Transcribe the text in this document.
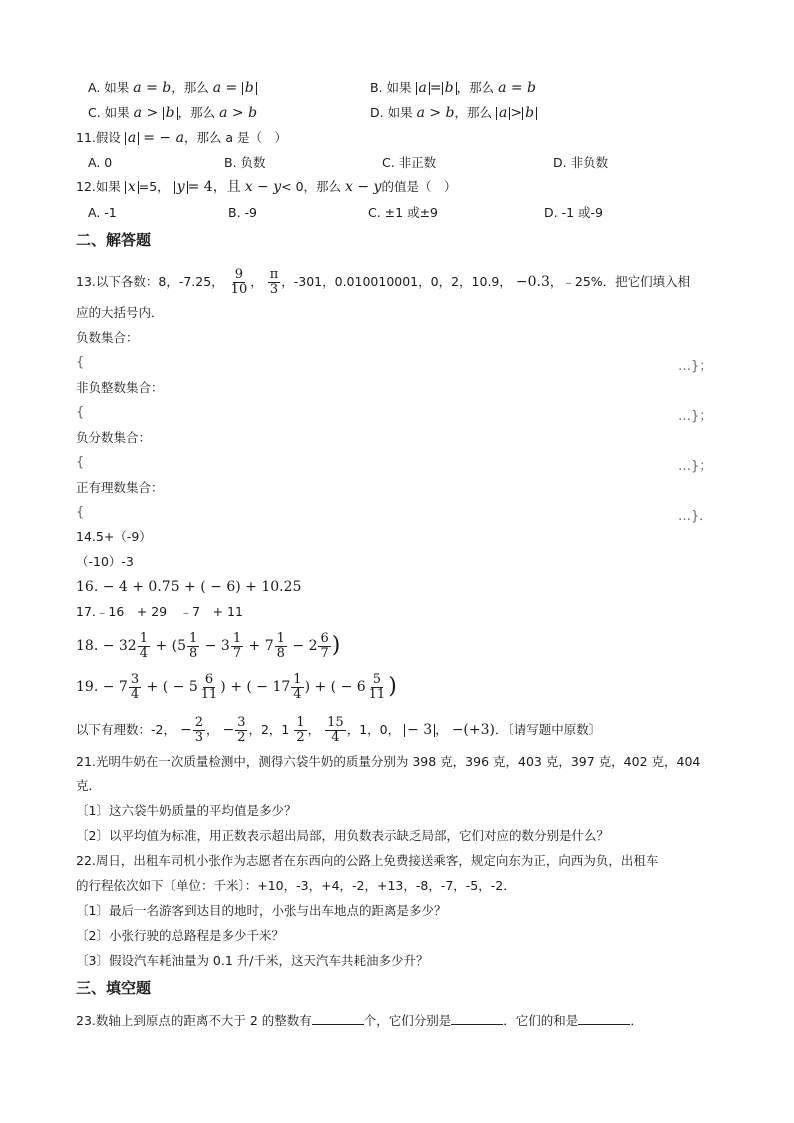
A. 如果 a = b，那么 a = b	B. 如果 a = b ，那么 a = b
C. 如果 a > b ，那么 a > b	D. 如果 a > b，那么 a > b
11.假设 a = − a，那么 a 是（　）
A. 0	B. 负数	C. 非正数	D. 非负数
12.如果 x =5， y = 4，且 x − y< 0，那么 x − y的值是（　）
A. -1	B. -9	C. ±1 或±9	D. -1 或-9
二、解答题
13.以下各数：8，-7.25， $\frac{9}{10}$ ， $\frac{\pi}{3}$ ，-301，0.010010001，0，2，10.9， −0.3，﹣25%．把它们填入相
应的大括号内．
负数集合：
{	…}；
非负整数集合：
{	…}；
负分数集合：
{	…}；
正有理数集合：
{	…}．
14.5+（-9）
（-10）-3
16. − 4 + 0.75 + ( − 6) + 10.25
17.﹣16　+ 29　﹣7　+ 11
18. − $32 \frac{1}{4} + (5 \frac{1}{8} - 3 \frac{1}{7} + 7 \frac{1}{8} - 2 \frac{6}{7}$ )
19. − $7 \frac{3}{4}$ + ( − $5 \frac{6}{11}$ ) + ( − $17 \frac{1}{4}$ ) + ( − $6 \frac{5}{11}$ )
以下有理数：-2， − $\frac{2}{3}$ ， − $\frac{3}{2}$ ，2，$1 \frac{1}{2}$ ， $\frac{15}{4}$ ，1，0， − 3 ， −(+3)．〔请写题中原数〕
21.光明牛奶在一次质量检测中，测得六袋牛奶的质量分别为 398 克，396 克，403 克，397 克，402 克，404
克．
〔1〕这六袋牛奶质量的平均值是多少？
〔2〕以平均值为标准，用正数表示超出局部，用负数表示缺乏局部，它们对应的数分别是什么？
22.周日，出租车司机小张作为志愿者在东西向的公路上免费接送乘客，规定向东为正，向西为负，出租车
的行程依次如下〔单位：千米〕：+10，-3，+4，-2，+13，-8，-7，-5，-2．
〔1〕最后一名游客到达目的地时，小张与出车地点的距离是多少？
〔2〕小张行驶的总路程是多少千米？
〔3〕假设汽车耗油量为 0.1 升/千米，这天汽车共耗油多少升？
三、填空题
23.数轴上到原点的距离不大于 2 的整数有	个，它们分别是	．它们的和是	．
